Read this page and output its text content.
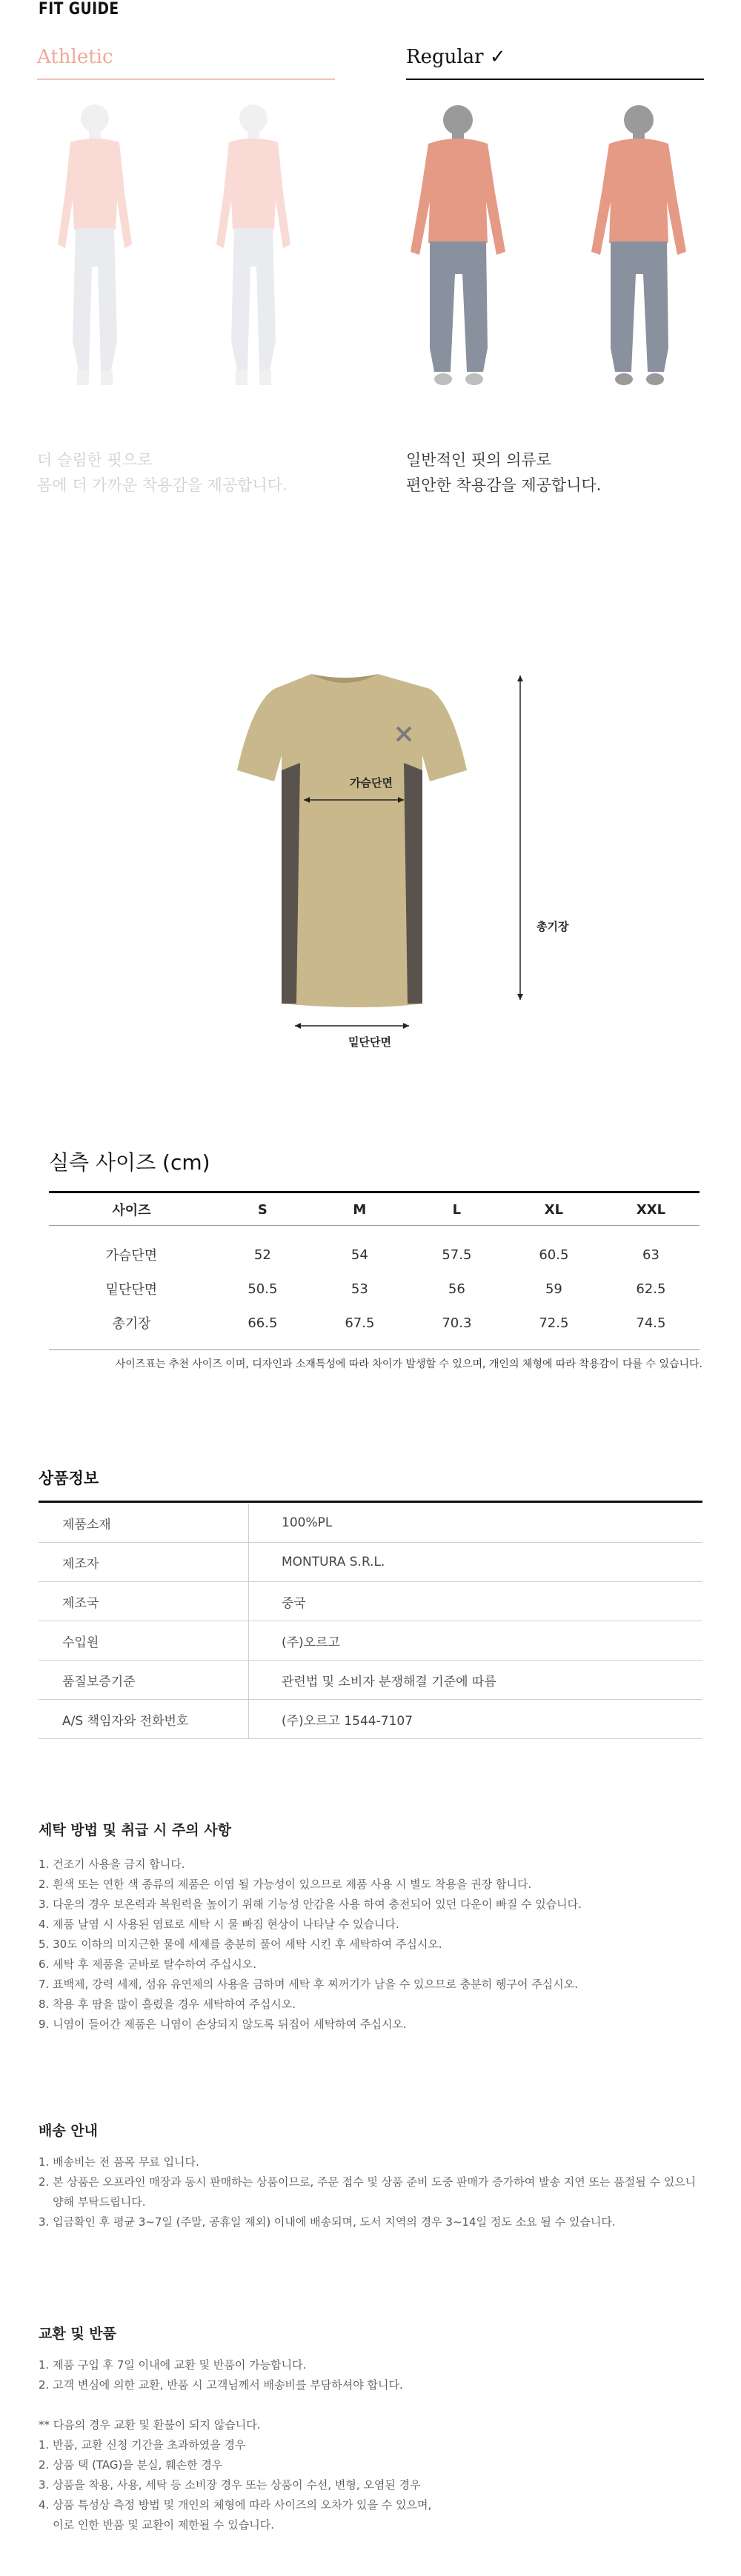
FIT GUIDE
Athletic	Regular ✓
더 슬림한 핏으로
몸에 더 가까운 착용감을 제공합니다.
일반적인 핏의 의류로
편안한 착용감을 제공합니다.
가슴단면
총기장
밑단단면
실측 사이즈 (cm)
사이즈	S	M	L	XL	XXL

가슴단면	52	54	57.5	60.5	63
밑단단면	50.5	53	56	59	62.5
총기장	66.5	67.5	70.3	72.5	74.5
사이즈표는 추천 사이즈 이며, 디자인과 소재특성에 따라 차이가 발생할 수 있으며, 개인의 체형에 따라 착용감이 다를 수 있습니다.
상품정보
제품소재	100%PL
제조자	MONTURA S.R.L.
제조국	중국
수입원	(주)오르고
품질보증기준	관련법 및 소비자 분쟁해결 기준에 따름
A/S 책임자와 전화번호	(주)오르고 1544-7107
세탁 방법 및 취급 시 주의 사항
1. 건조기 사용을 금지 합니다.
2. 흰색 또는 연한 색 종류의 제품은 이염 될 가능성이 있으므로 제품 사용 시 별도 착용을 권장 합니다.
3. 다운의 경우 보온력과 복원력을 높이기 위해 기능성 안감을 사용 하여 충전되어 있던 다운이 빠질 수 있습니다.
4. 제품 날염 시 사용된 염료로 세탁 시 물 빠짐 현상이 나타날 수 있습니다.
5. 30도 이하의 미지근한 물에 세제를 충분히 풀어 세탁 시킨 후 세탁하여 주십시오.
6. 세탁 후 제품을 굳바로 탈수하여 주십시오.
7. 표백제, 강력 세제, 섬유 유연제의 사용을 금하며 세탁 후 찌꺼기가 남을 수 있으므로 충분히 헹구어 주십시오.
8. 착용 후 땀을 많이 흘렸을 경우 세탁하여 주십시오.
9. 니염이 들어간 제품은 니염이 손상되지 않도록 뒤집어 세탁하여 주십시오.
배송 안내
1. 배송비는 전 품목 무료 입니다.
2. 본 상품은 오프라인 매장과 동시 판매하는 상품이므로, 주문 접수 및 상품 준비 도중 판매가 증가하여 발송 지연 또는 품절될 수 있으니
양해 부탁드립니다.
3. 입금확인 후 평균 3~7일 (주말, 공휴일 제외) 이내에 배송되며, 도서 지역의 경우 3~14일 정도 소요 될 수 있습니다.
교환 및 반품
1. 제품 구입 후 7일 이내에 교환 및 반품이 가능합니다.
2. 고객 변심에 의한 교환, 반품 시 고객님께서 배송비를 부담하셔야 합니다.
** 다음의 경우 교환 및 환불이 되지 않습니다.
1. 반품, 교환 신청 기간을 초과하였을 경우
2. 상품 택 (TAG)을 분실, 훼손한 경우
3. 상품을 착용, 사용, 세탁 등 소비장 경우 또는 상품이 수선, 변형, 오염된 경우
4. 상품 특성상 측정 방법 및 개인의 체형에 따라 사이즈의 오차가 있을 수 있으며,
이로 인한 반품 및 교환이 제한될 수 있습니다.
